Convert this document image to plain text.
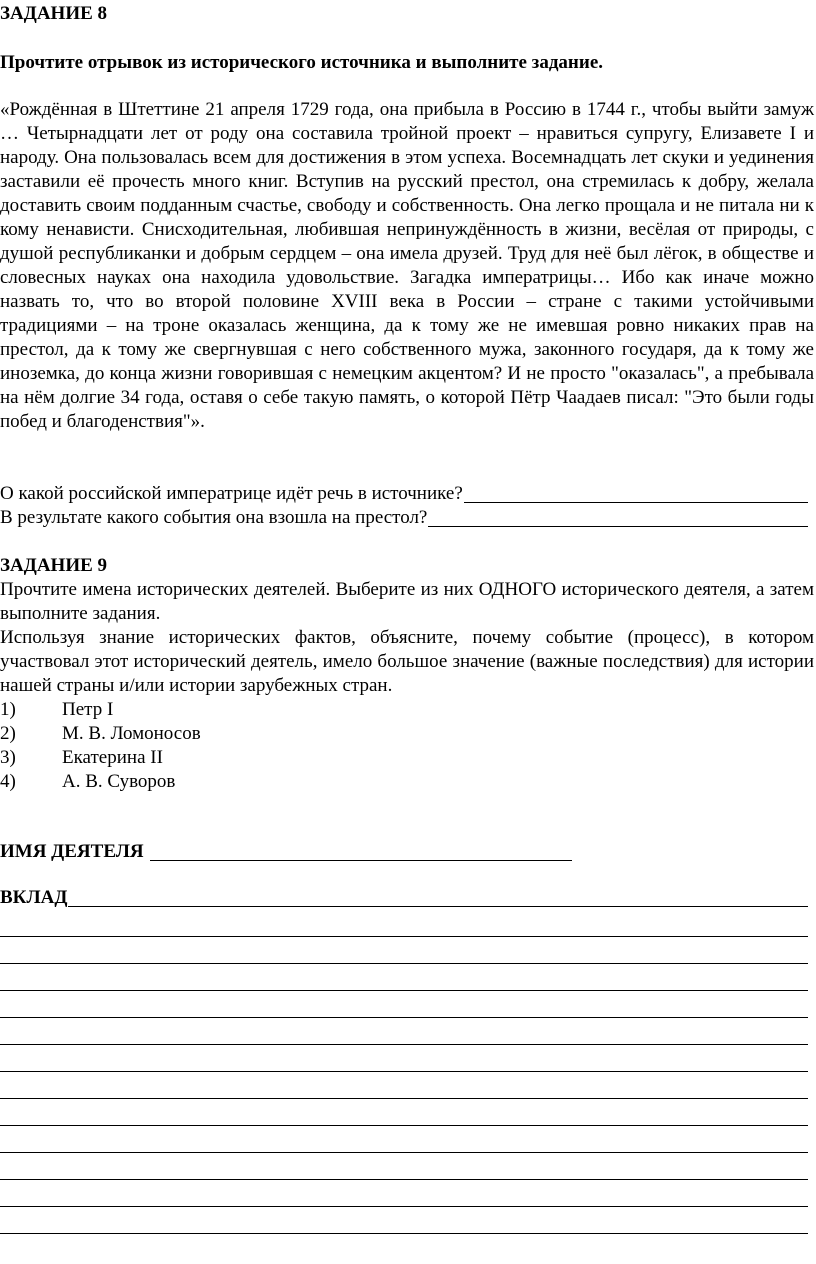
ЗАДАНИЕ 8
Прочтите отрывок из исторического источника и выполните задание.
«Рождённая в Штеттине 21 апреля 1729 года, она прибыла в Россию в 1744 г., чтобы выйти замуж … Четырнадцати лет от роду она составила тройной проект – нравиться супругу, Елизавете I и народу. Она пользовалась всем для достижения в этом успеха. Восемнадцать лет скуки и уединения заставили её прочесть много книг. Вступив на русский престол, она стремилась к добру, желала доставить своим подданным счастье, свободу и собственность. Она легко прощала и не питала ни к кому ненависти. Снисходительная, любившая непринуждённость в жизни, весёлая от природы, с душой республиканки и добрым сердцем – она имела друзей. Труд для неё был лёгок, в обществе и словесных науках она находила удовольствие. Загадка императрицы… Ибо как иначе можно назвать то, что во второй половине XVIII века в России – стране с такими устойчивыми традициями – на троне оказалась женщина, да к тому же не имевшая ровно никаких прав на престол, да к тому же свергнувшая с него собственного мужа, законного государя, да к тому же иноземка, до конца жизни говорившая с немецким акцентом? И не просто "оказалась", а пребывала на нём долгие 34 года, оставя о себе такую память, о которой Пётр Чаадаев писал: "Это были годы побед и благоденствия"».
О какой российской императрице идёт речь в источнике?
В результате какого события она взошла на престол?
ЗАДАНИЕ 9
Прочтите имена исторических деятелей. Выберите из них ОДНОГО исторического деятеля, а затем выполните задания.
Используя знание исторических фактов, объясните, почему событие (процесс), в котором участвовал этот исторический деятель, имело большое значение (важные последствия) для истории нашей страны и/или истории зарубежных стран.
1)	Петр I
2)	М. В. Ломоносов
3)	Екатерина II
4)	А. В. Суворов
ИМЯ ДЕЯТЕЛЯ
ВКЛАД
